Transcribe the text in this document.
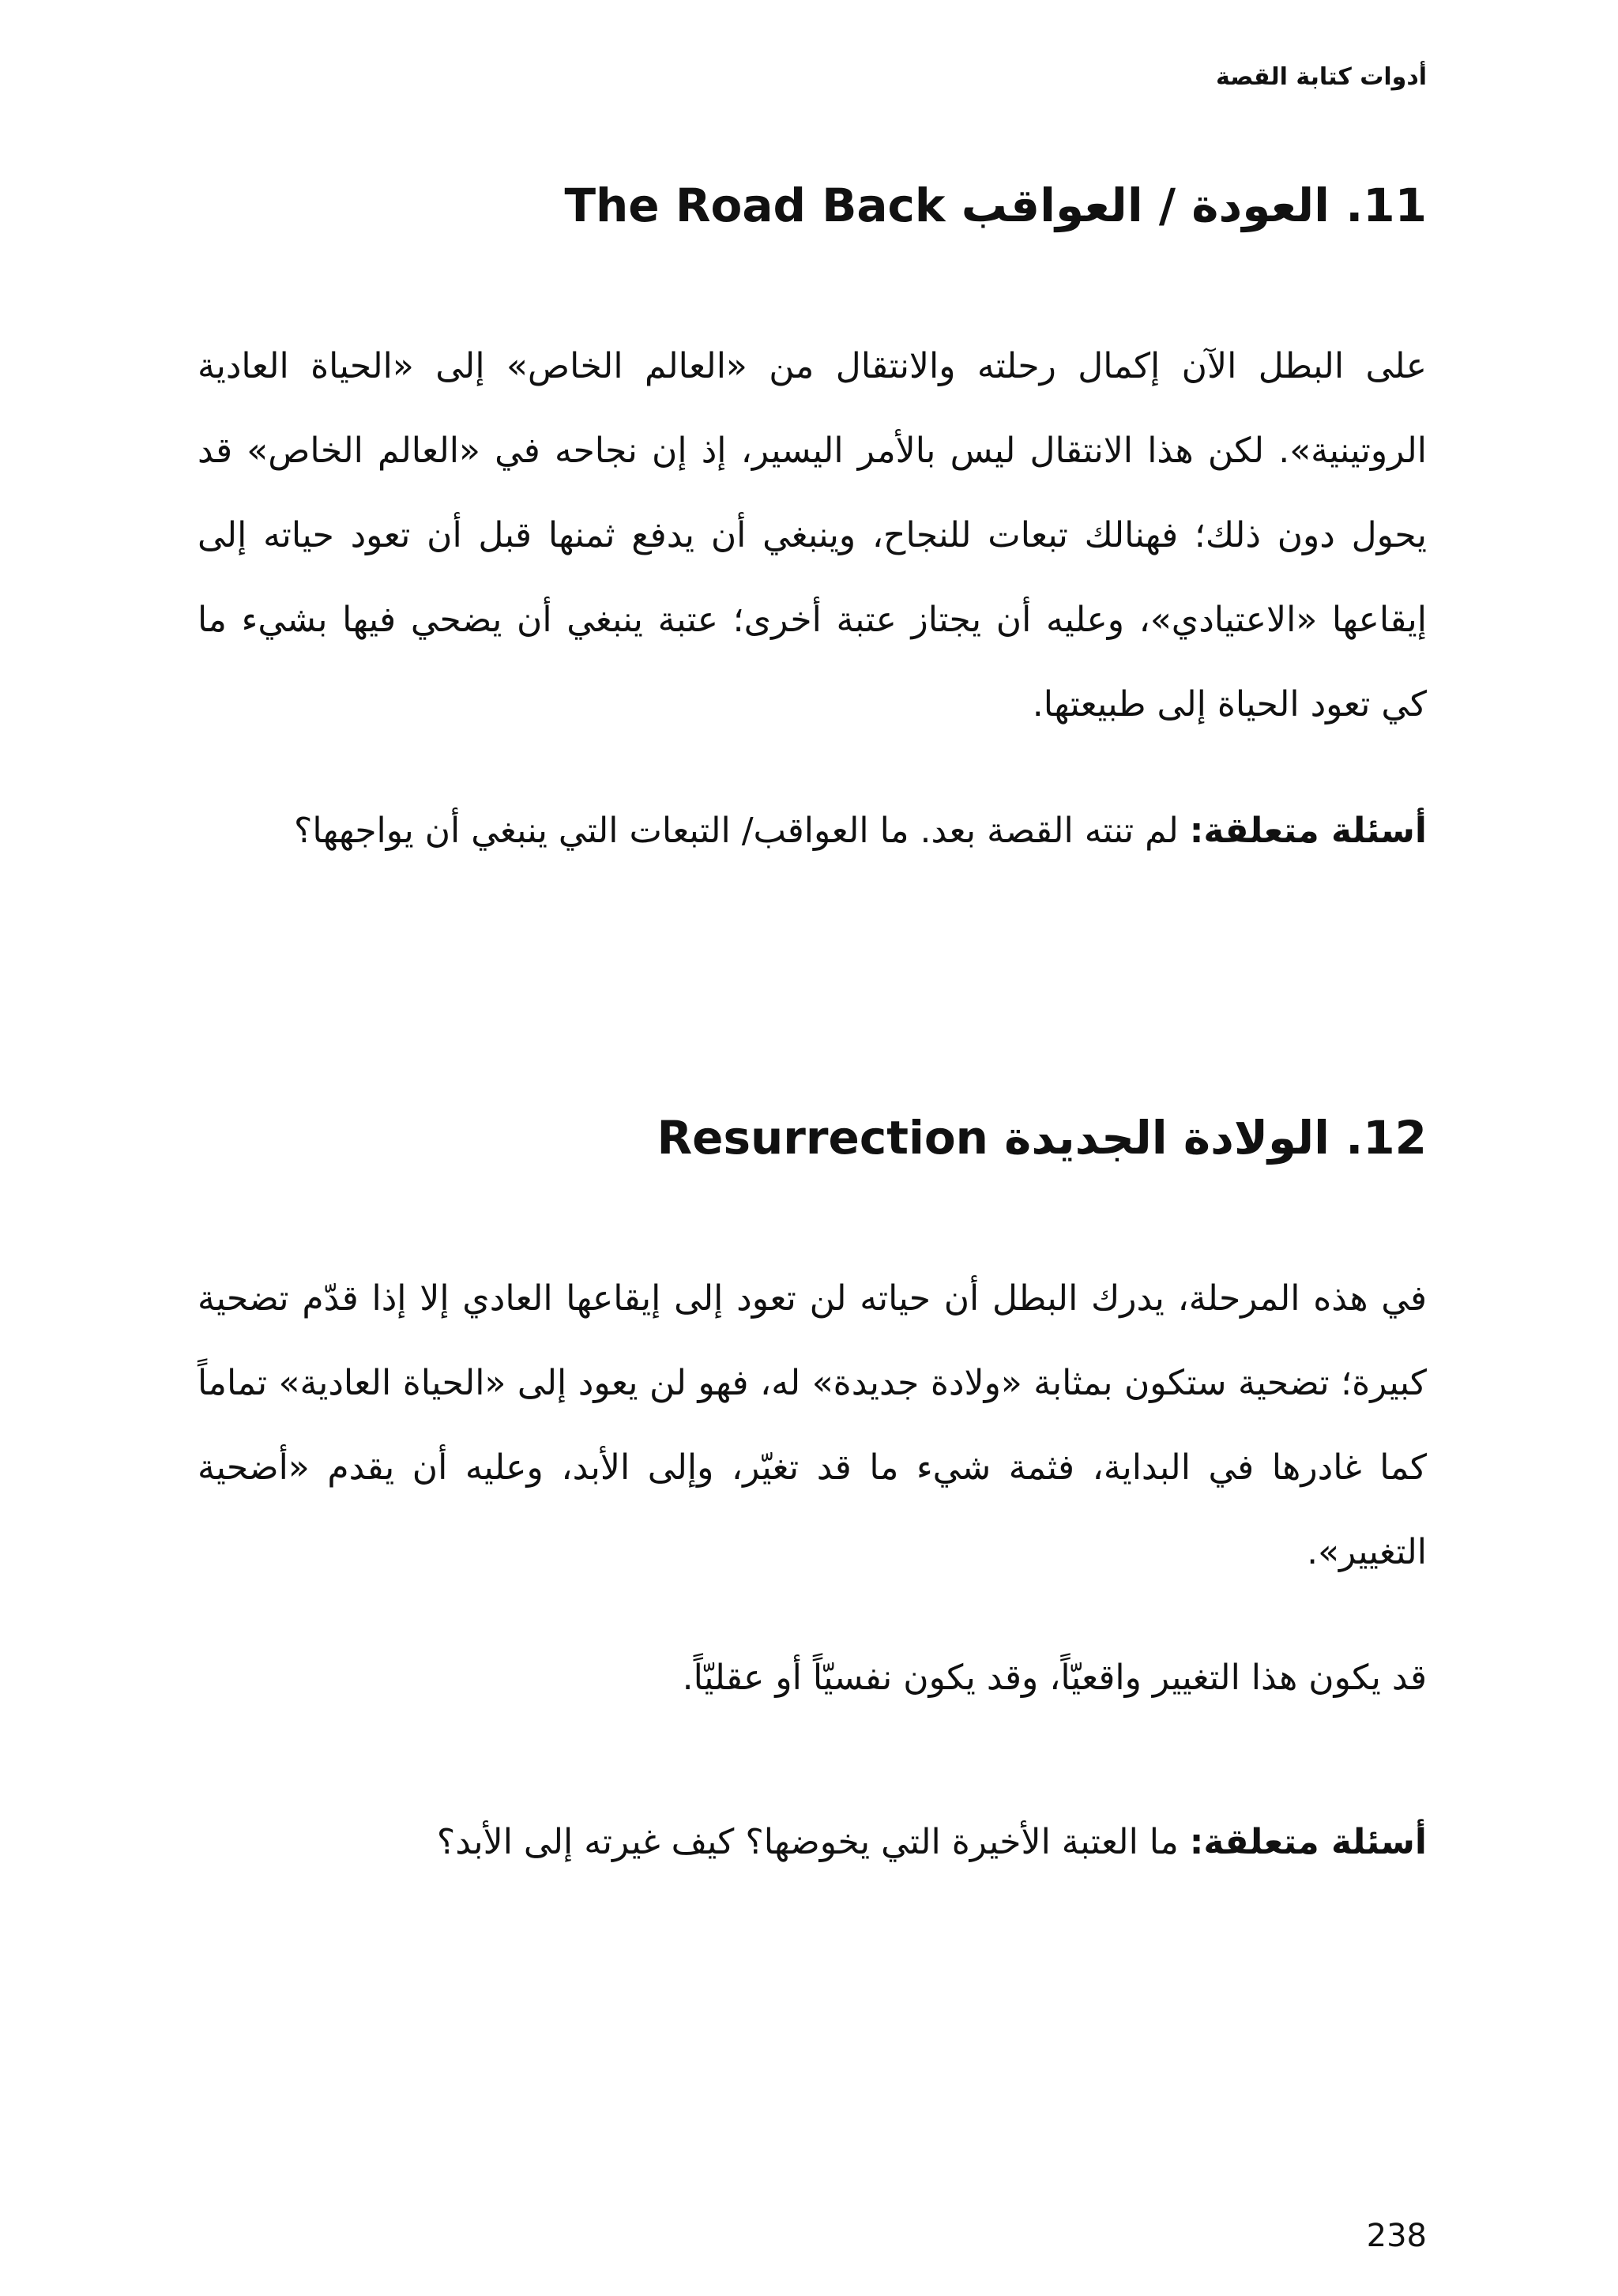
أدوات كتابة القصة
11. العودة / العواقب The Road Back

على البطل الآن إكمال رحلته والانتقال من «العالم الخاص» إلى «الحياة العادية الروتينية». لكن هذا الانتقال ليس بالأمر اليسير، إذ إن نجاحه في «العالم الخاص» قد يحول دون ذلك؛ فهنالك تبعات للنجاح، وينبغي أن يدفع ثمنها قبل أن تعود حياته إلى إيقاعها «الاعتيادي»، وعليه أن يجتاز عتبة أخرى؛ عتبة ينبغي أن يضحي فيها بشيء ما كي تعود الحياة إلى طبيعتها.

أسئلة متعلقة: لم تنته القصة بعد. ما العواقب/ التبعات التي ينبغي أن يواجهها؟

12. الولادة الجديدة Resurrection

في هذه المرحلة، يدرك البطل أن حياته لن تعود إلى إيقاعها العادي إلا إذا قدّم تضحية كبيرة؛ تضحية ستكون بمثابة «ولادة جديدة» له، فهو لن يعود إلى «الحياة العادية» تماماً كما غادرها في البداية، فثمة شيء ما قد تغيّر، وإلى الأبد، وعليه أن يقدم «أضحية التغيير».

قد يكون هذا التغيير واقعيّاً، وقد يكون نفسيّاً أو عقليّاً.

أسئلة متعلقة: ما العتبة الأخيرة التي يخوضها؟ كيف غيرته إلى الأبد؟

238
